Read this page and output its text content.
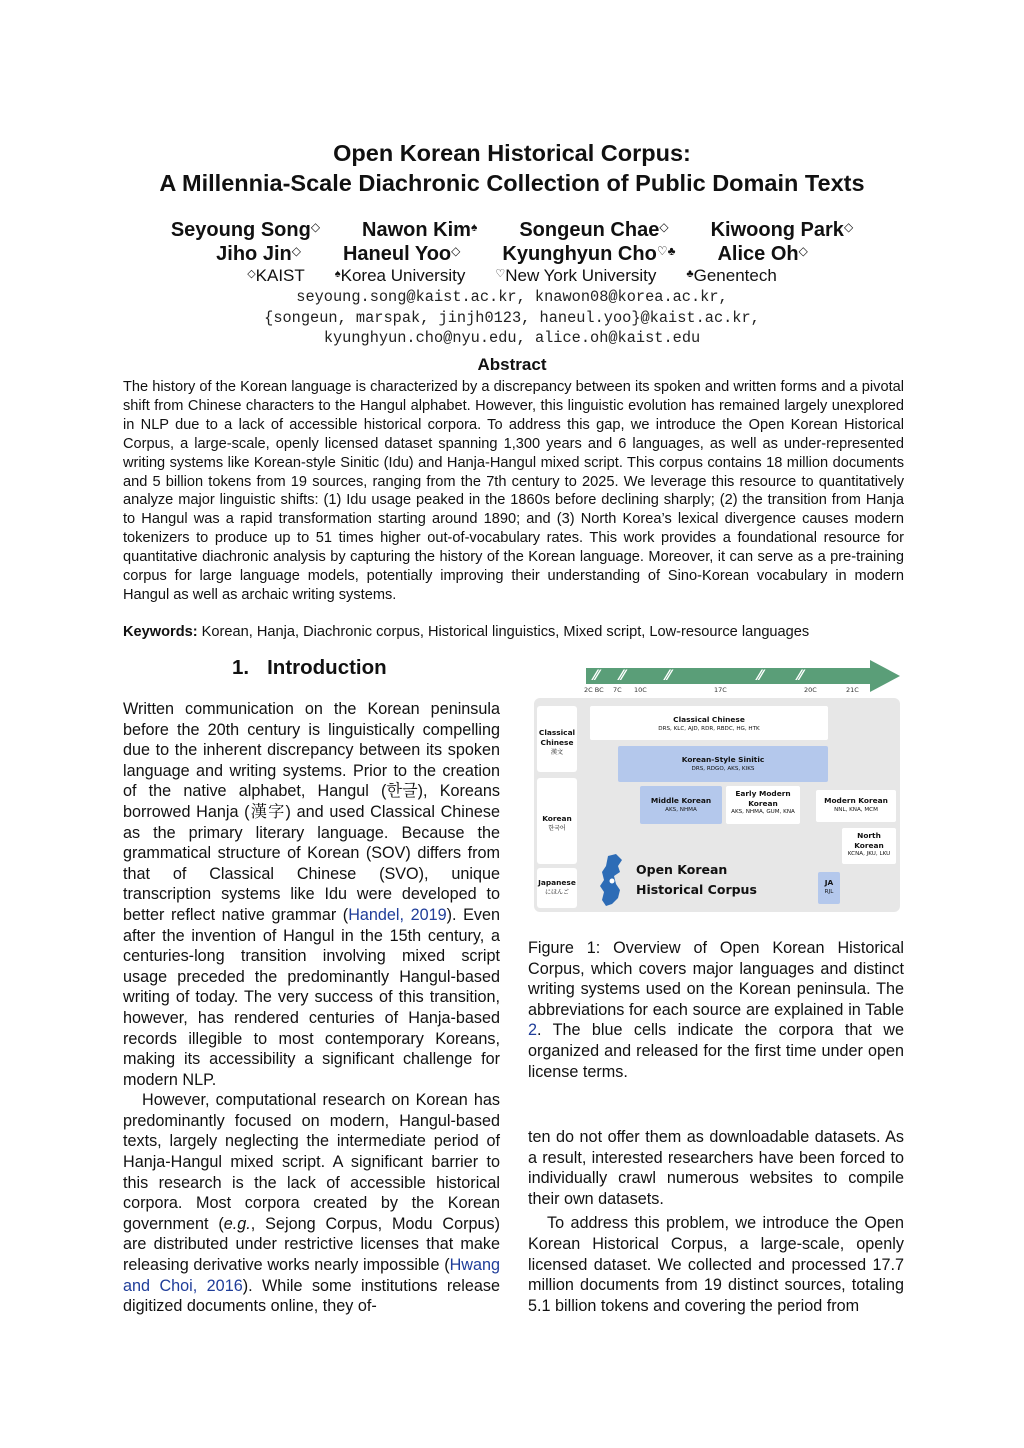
Open Korean Historical Corpus:
A Millennia-Scale Diachronic Collection of Public Domain Texts
Seyoung Song◇ Nawon Kim♠ Songeun Chae◇ Kiwoong Park◇
Jiho Jin◇ Haneul Yoo◇ Kyunghyun Cho♡♣ Alice Oh◇
◇KAIST	♠Korea University	♡New York University	♣Genentech
seyoung.song@kaist.ac.kr, knawon08@korea.ac.kr,
{songeun, marspak, jinjh0123, haneul.yoo}@kaist.ac.kr,
kyunghyun.cho@nyu.edu, alice.oh@kaist.edu
Abstract
The history of the Korean language is characterized by a discrepancy between its spoken and written forms and a pivotal shift from Chinese characters to the Hangul alphabet. However, this linguistic evolution has remained largely unexplored in NLP due to a lack of accessible historical corpora. To address this gap, we introduce the Open Korean Historical Corpus, a large-scale, openly licensed dataset spanning 1,300 years and 6 languages, as well as under-represented writing systems like Korean-style Sinitic (Idu) and Hanja-Hangul mixed script. This corpus contains 18 million documents and 5 billion tokens from 19 sources, ranging from the 7th century to 2025. We leverage this resource to quantitatively analyze major linguistic shifts: (1) Idu usage peaked in the 1860s before declining sharply; (2) the transition from Hanja to Hangul was a rapid transformation starting around 1890; and (3) North Korea’s lexical divergence causes modern tokenizers to produce up to 51 times higher out-of-vocabulary rates. This work provides a foundational resource for quantitative diachronic analysis by capturing the history of the Korean language. Moreover, it can serve as a pre-training corpus for large language models, potentially improving their understanding of Sino-Korean vocabulary in modern Hangul as well as archaic writing systems.
Keywords: Korean, Hanja, Diachronic corpus, Historical linguistics, Mixed script, Low-resource languages
1. Introduction

Written communication on the Korean peninsula before the 20th century is linguistically compelling due to the inherent discrepancy between its spoken language and writing systems. Prior to the creation of the native alphabet, Hangul (한글), Koreans borrowed Hanja (漢字) and used Classical Chinese as the primary literary language. Because the grammatical structure of Korean (SOV) differs from that of Classical Chinese (SVO), unique transcription systems like Idu were developed to better reflect native grammar (Handel, 2019). Even after the invention of Hangul in the 15th century, a centuries-long transition involving mixed script usage preceded the predominantly Hangul-based writing of today. The very success of this transition, however, has rendered centuries of Hanja-based records illegible to most contemporary Koreans, making its accessibility a significant challenge for modern NLP.

However, computational research on Korean has predominantly focused on modern, Hangul-based texts, largely neglecting the intermediate period of Hanja-Hangul mixed script. A significant barrier to this research is the lack of accessible historical corpora. Most corpora created by the Korean government (e.g., Sejong Corpus, Modu Corpus) are distributed under restrictive licenses that make releasing derivative works nearly impossible (Hwang and Choi, 2016). While some institutions release digitized documents online, they of-

⁄⁄	⁄⁄	⁄⁄	⁄⁄	⁄⁄
2C BC 7C 10C	17C	20C	21C
Classical
Chinese
漢文
Korean
한국어
Japanese
にほんご
Classical Chinese
DRS, KLC, AJD, RDR, RBDC, HG, HTK
Korean-Style Sinitic
DRS, RDGO, AKS, KIKS
Middle Korean
AKS, NHMA
Early Modern
Korean
AKS, NHMA, GUM, KNA
Modern Korean
NNL, KNA, MCM
North
Korean
KCNA, JKU, LKU
JA
RJL
Open Korean
Historical Corpus
Figure 1: Overview of Open Korean Historical Corpus, which covers major languages and distinct writing systems used on the Korean peninsula. The abbreviations for each source are explained in Table 2. The blue cells indicate the corpora that we organized and released for the first time under open license terms.

ten do not offer them as downloadable datasets. As a result, interested researchers have been forced to individually crawl numerous websites to compile their own datasets.

To address this problem, we introduce the Open Korean Historical Corpus, a large-scale, openly licensed dataset. We collected and processed 17.7 million documents from 19 distinct sources, totaling 5.1 billion tokens and covering the period from
